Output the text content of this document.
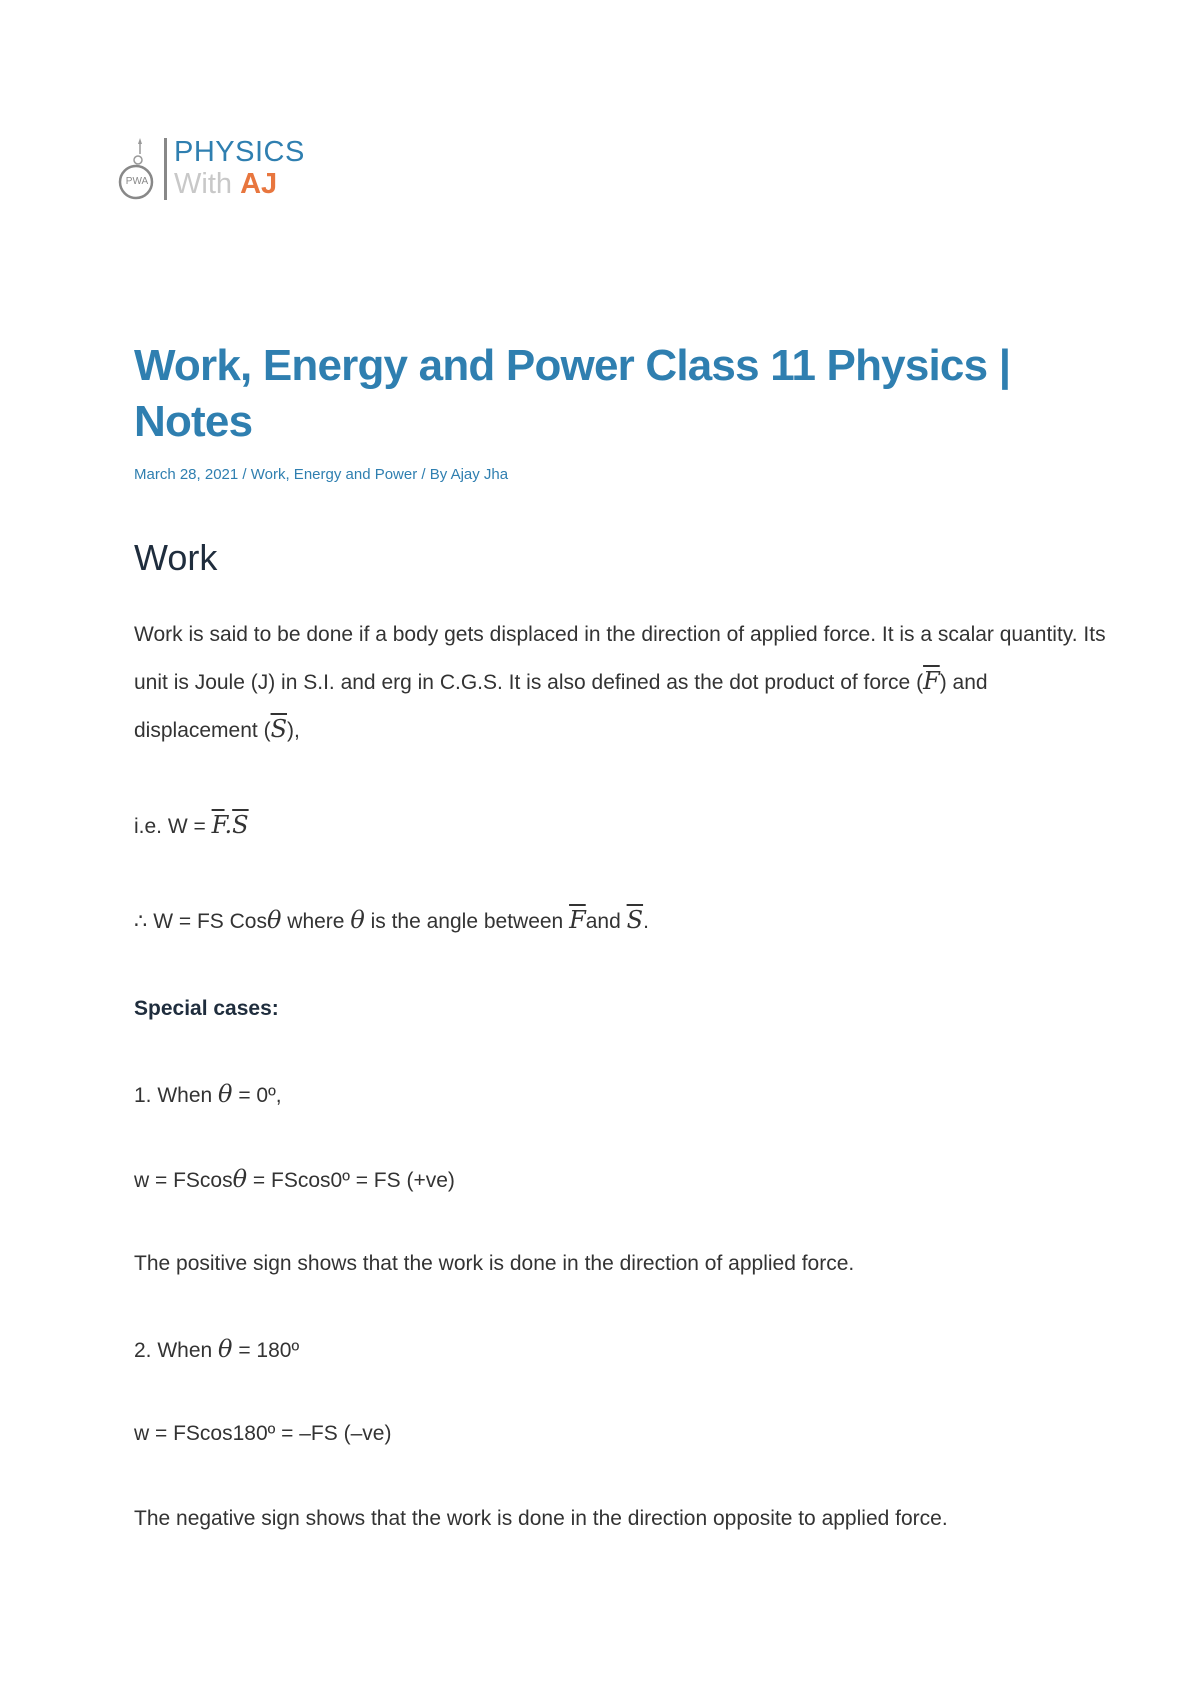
PWA
PHYSICS
With AJ
Work, Energy and Power Class 11 Physics | Notes
March 28, 2021 / Work, Energy and Power / By Ajay Jha
Work

Work is said to be done if a body gets displaced in the direction of applied force. It is a scalar quantity. Its unit is Joule (J) in S.I. and erg in C.G.S. It is also defined as the dot product of force $(\overline{F})$ and displacement $(\overline{S})$,

i.e. $W = \overline{F}.\overline{S}$

∴ W = FS Cosθ where θ is the angle between $\overline{F}and$ $\overline{S}$.

Special cases:

1. When θ = 0º,

w = FScosθ = FScos0º = FS (+ve)

The positive sign shows that the work is done in the direction of applied force.

2. When θ = 180º

w = FScos180º = –FS (–ve)

The negative sign shows that the work is done in the direction opposite to applied force.
